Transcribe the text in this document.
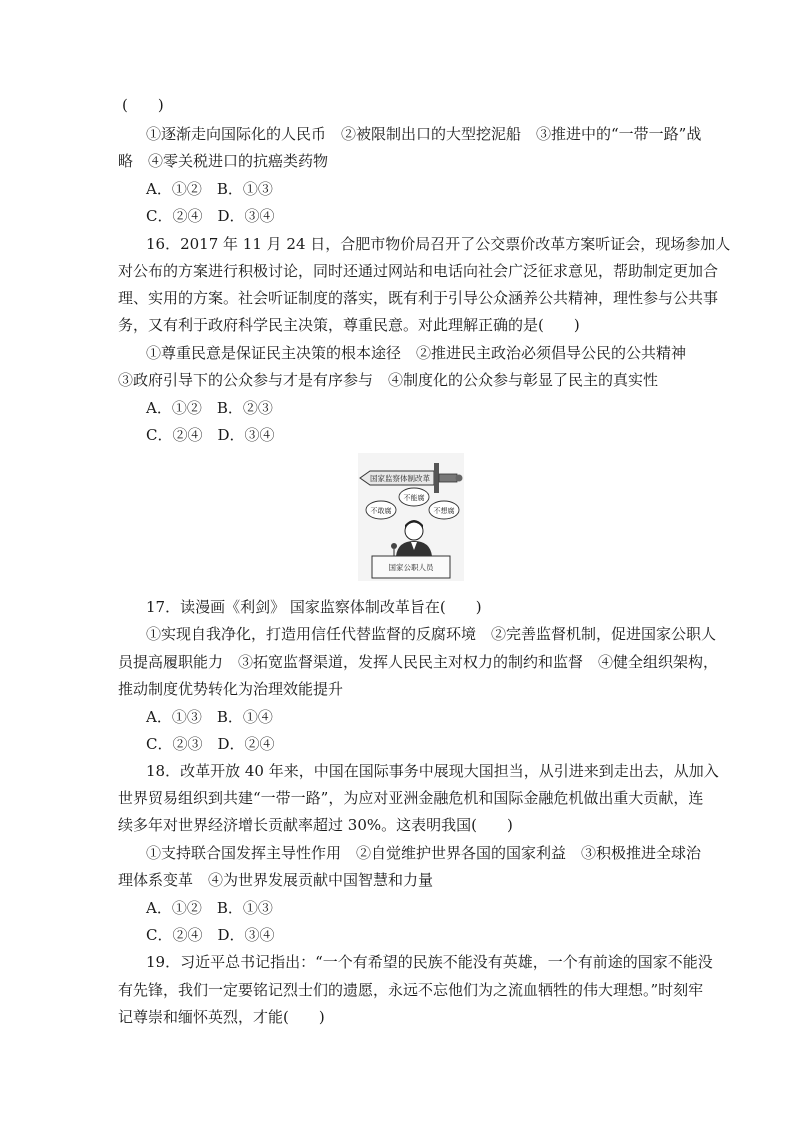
(　　)
①逐渐走向国际化的人民币　②被限制出口的大型挖泥船　③推进中的“一带一路”战
略　④零关税进口的抗癌类药物
A．①②　B．①③
C．②④　D．③④
16．2017 年 11 月 24 日，合肥市物价局召开了公交票价改革方案听证会，现场参加人
对公布的方案进行积极讨论，同时还通过网站和电话向社会广泛征求意见，帮助制定更加合
理、实用的方案。社会听证制度的落实，既有利于引导公众涵养公共精神，理性参与公共事
务，又有利于政府科学民主决策，尊重民意。对此理解正确的是(　　)
①尊重民意是保证民主决策的根本途径　②推进民主政治必须倡导公民的公共精神
③政府引导下的公众参与才是有序参与　④制度化的公众参与彰显了民主的真实性
A．①②　B．②③
C．②④　D．③④
国家监察体制改革
不敢腐
不能腐
不想腐
国家公职人员
17．读漫画《利剑》 国家监察体制改革旨在(　　)
①实现自我净化，打造用信任代替监督的反腐环境　②完善监督机制，促进国家公职人
员提高履职能力　③拓宽监督渠道，发挥人民民主对权力的制约和监督　④健全组织架构，
推动制度优势转化为治理效能提升
A．①③　B．①④
C．②③　D．②④
18．改革开放 40 年来，中国在国际事务中展现大国担当，从引进来到走出去，从加入
世界贸易组织到共建“一带一路”，为应对亚洲金融危机和国际金融危机做出重大贡献，连
续多年对世界经济增长贡献率超过 30%。这表明我国(　　)
①支持联合国发挥主导性作用　②自觉维护世界各国的国家利益　③积极推进全球治
理体系变革　④为世界发展贡献中国智慧和力量
A．①②　B．①③
C．②④　D．③④
19．习近平总书记指出：“一个有希望的民族不能没有英雄，一个有前途的国家不能没
有先锋，我们一定要铭记烈士们的遗愿，永远不忘他们为之流血牺牲的伟大理想。”时刻牢
记尊崇和缅怀英烈，才能(　　)
